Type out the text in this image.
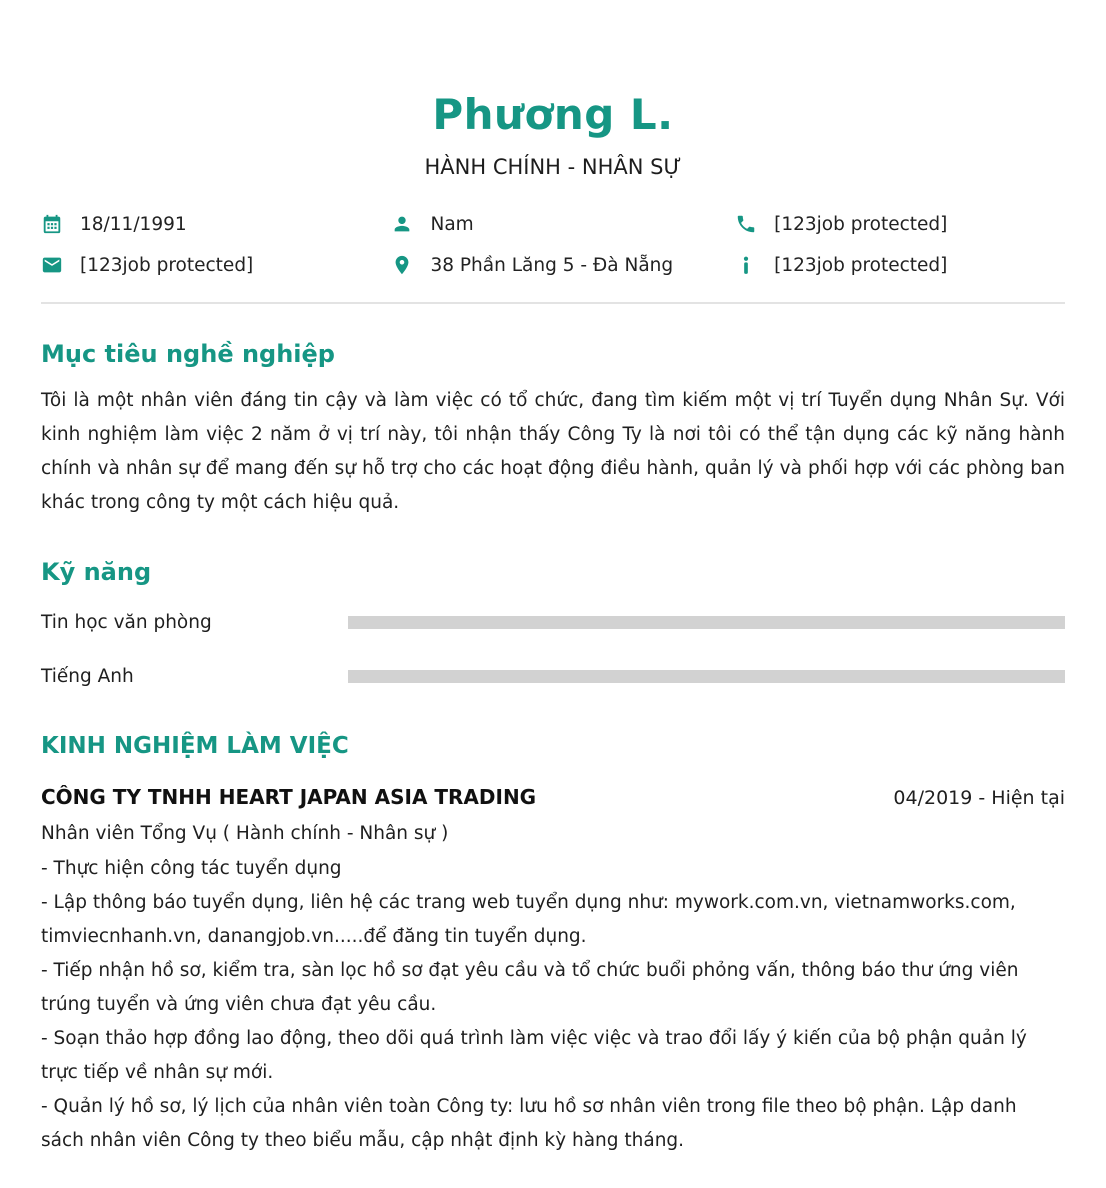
Phương L.
HÀNH CHÍNH - NHÂN SỰ
18/11/1991	Nam	[123job protected]
[123job protected]	38 Phần Lăng 5 - Đà Nẵng	[123job protected]
Mục tiêu nghề nghiệp
Tôi là một nhân viên đáng tin cậy và làm việc có tổ chức, đang tìm kiếm một vị trí Tuyển dụng Nhân Sự. Với kinh nghiệm làm việc 2 năm ở vị trí này, tôi nhận thấy Công Ty là nơi tôi có thể tận dụng các kỹ năng hành chính và nhân sự để mang đến sự hỗ trợ cho các hoạt động điều hành, quản lý và phối hợp với các phòng ban khác trong công ty một cách hiệu quả.
Kỹ năng
Tin học văn phòng
Tiếng Anh
KINH NGHIỆM LÀM VIỆC
CÔNG TY TNHH HEART JAPAN ASIA TRADING	04/2019 - Hiện tại
Nhân viên Tổng Vụ ( Hành chính - Nhân sự )

- Thực hiện công tác tuyển dụng

- Lập thông báo tuyển dụng, liên hệ các trang web tuyển dụng như: mywork.com.vn, vietnamworks.com, timviecnhanh.vn, danangjob.vn.....để đăng tin tuyển dụng.

- Tiếp nhận hồ sơ, kiểm tra, sàn lọc hồ sơ đạt yêu cầu và tổ chức buổi phỏng vấn, thông báo thư ứng viên trúng tuyển và ứng viên chưa đạt yêu cầu.

- Soạn thảo hợp đồng lao động, theo dõi quá trình làm việc việc và trao đổi lấy ý kiến của bộ phận quản lý trực tiếp về nhân sự mới.

- Quản lý hồ sơ, lý lịch của nhân viên toàn Công ty: lưu hồ sơ nhân viên trong file theo bộ phận. Lập danh sách nhân viên Công ty theo biểu mẫu, cập nhật định kỳ hàng tháng.
